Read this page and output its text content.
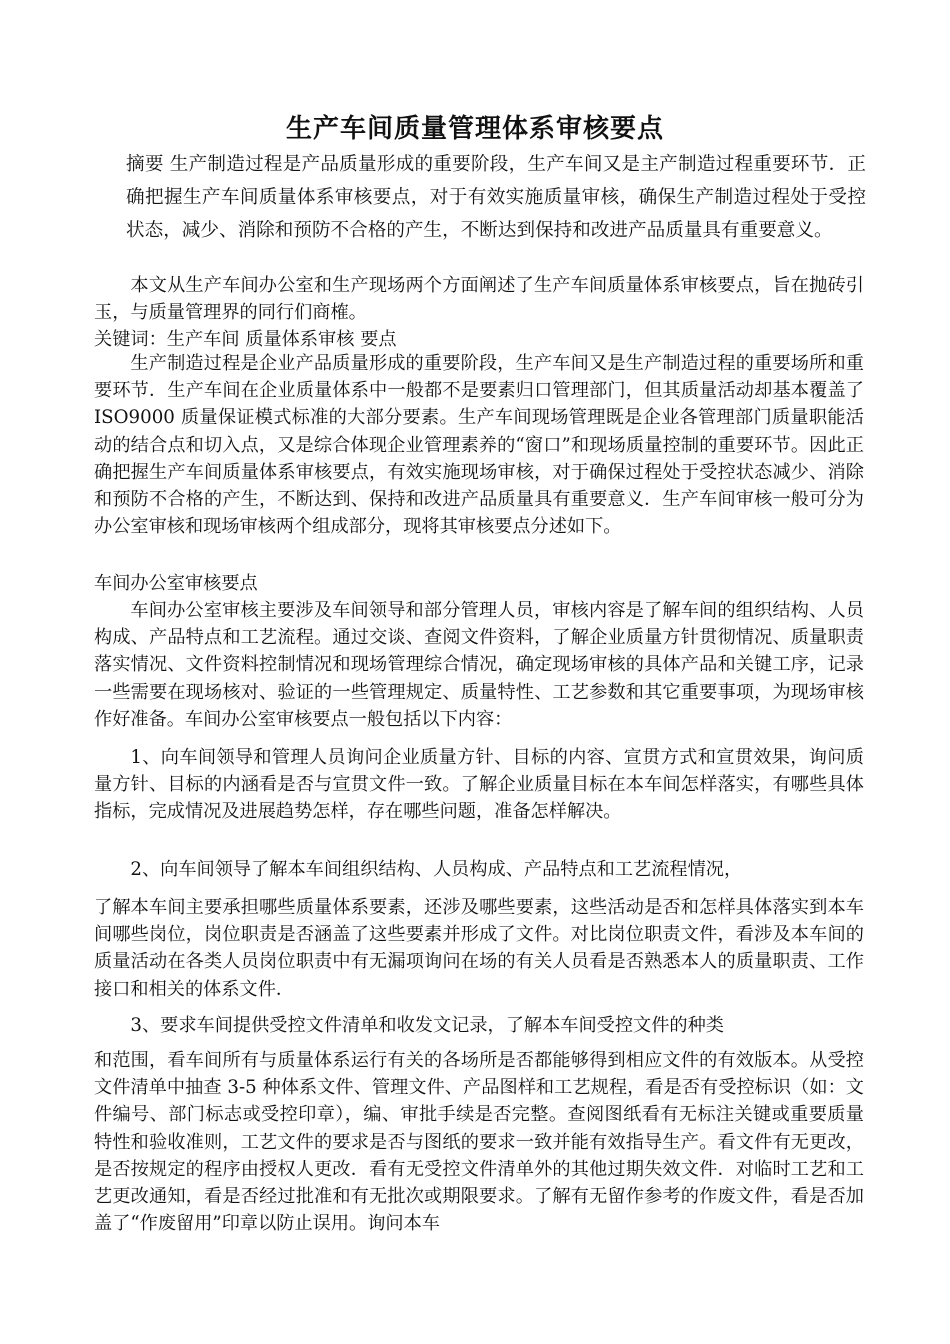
生产车间质量管理体系审核要点
摘要 生产制造过程是产品质量形成的重要阶段，生产车间又是主产制造过程重要环节．正确把握生产车间质量体系审核要点，对于有效实施质量审核，确保生产制造过程处于受控状态，减少、消除和预防不合格的产生，不断达到保持和改进产品质量具有重要意义。
本文从生产车间办公室和生产现场两个方面阐述了生产车间质量体系审核要点，旨在抛砖引玉，与质量管理界的同行们商榷。
关键词：生产车间 质量体系审核 要点
生产制造过程是企业产品质量形成的重要阶段，生产车间又是生产制造过程的重要场所和重要环节．生产车间在企业质量体系中一般都不是要素归口管理部门，但其质量活动却基本覆盖了 ISO9000 质量保证模式标准的大部分要素。生产车间现场管理既是企业各管理部门质量职能活动的结合点和切入点，又是综合体现企业管理素养的“窗口”和现场质量控制的重要环节。因此正确把握生产车间质量体系审核要点，有效实施现场审核，对于确保过程处于受控状态减少、消除和预防不合格的产生，不断达到、保持和改进产品质量具有重要意义．生产车间审核一般可分为办公室审核和现场审核两个组成部分，现将其审核要点分述如下。
车间办公室审核要点
车间办公室审核主要涉及车间领导和部分管理人员，审核内容是了解车间的组织结构、人员构成、产品特点和工艺流程。通过交谈、查阅文件资料，了解企业质量方针贯彻情况、质量职责落实情况、文件资料控制情况和现场管理综合情况，确定现场审核的具体产品和关键工序，记录一些需要在现场核对、验证的一些管理规定、质量特性、工艺参数和其它重要事项，为现场审核作好准备。车间办公室审核要点一般包括以下内容：
1、向车间领导和管理人员询问企业质量方针、目标的内容、宣贯方式和宣贯效果，询问质量方针、目标的内涵看是否与宣贯文件一致。了解企业质量目标在本车间怎样落实，有哪些具体指标，完成情况及进展趋势怎样，存在哪些问题，准备怎样解决。
2、向车间领导了解本车间组织结构、人员构成、产品特点和工艺流程情况，
了解本车间主要承担哪些质量体系要素，还涉及哪些要素，这些活动是否和怎样具体落实到本车间哪些岗位，岗位职责是否涵盖了这些要素并形成了文件。对比岗位职责文件，看涉及本车间的质量活动在各类人员岗位职责中有无漏项询问在场的有关人员看是否熟悉本人的质量职责、工作接口和相关的体系文件．
3、要求车间提供受控文件清单和收发文记录，了解本车间受控文件的种类
和范围，看车间所有与质量体系运行有关的各场所是否都能够得到相应文件的有效版本。从受控文件清单中抽查 3-5 种体系文件、管理文件、产品图样和工艺规程，看是否有受控标识（如：文件编号、部门标志或受控印章），编、审批手续是否完整。查阅图纸看有无标注关键或重要质量特性和验收准则，工艺文件的要求是否与图纸的要求一致并能有效指导生产。看文件有无更改，是否按规定的程序由授权人更改．看有无受控文件清单外的其他过期失效文件．对临时工艺和工艺更改通知，看是否经过批准和有无批次或期限要求。了解有无留作参考的作废文件，看是否加盖了“作废留用”印章以防止误用。询问本车
